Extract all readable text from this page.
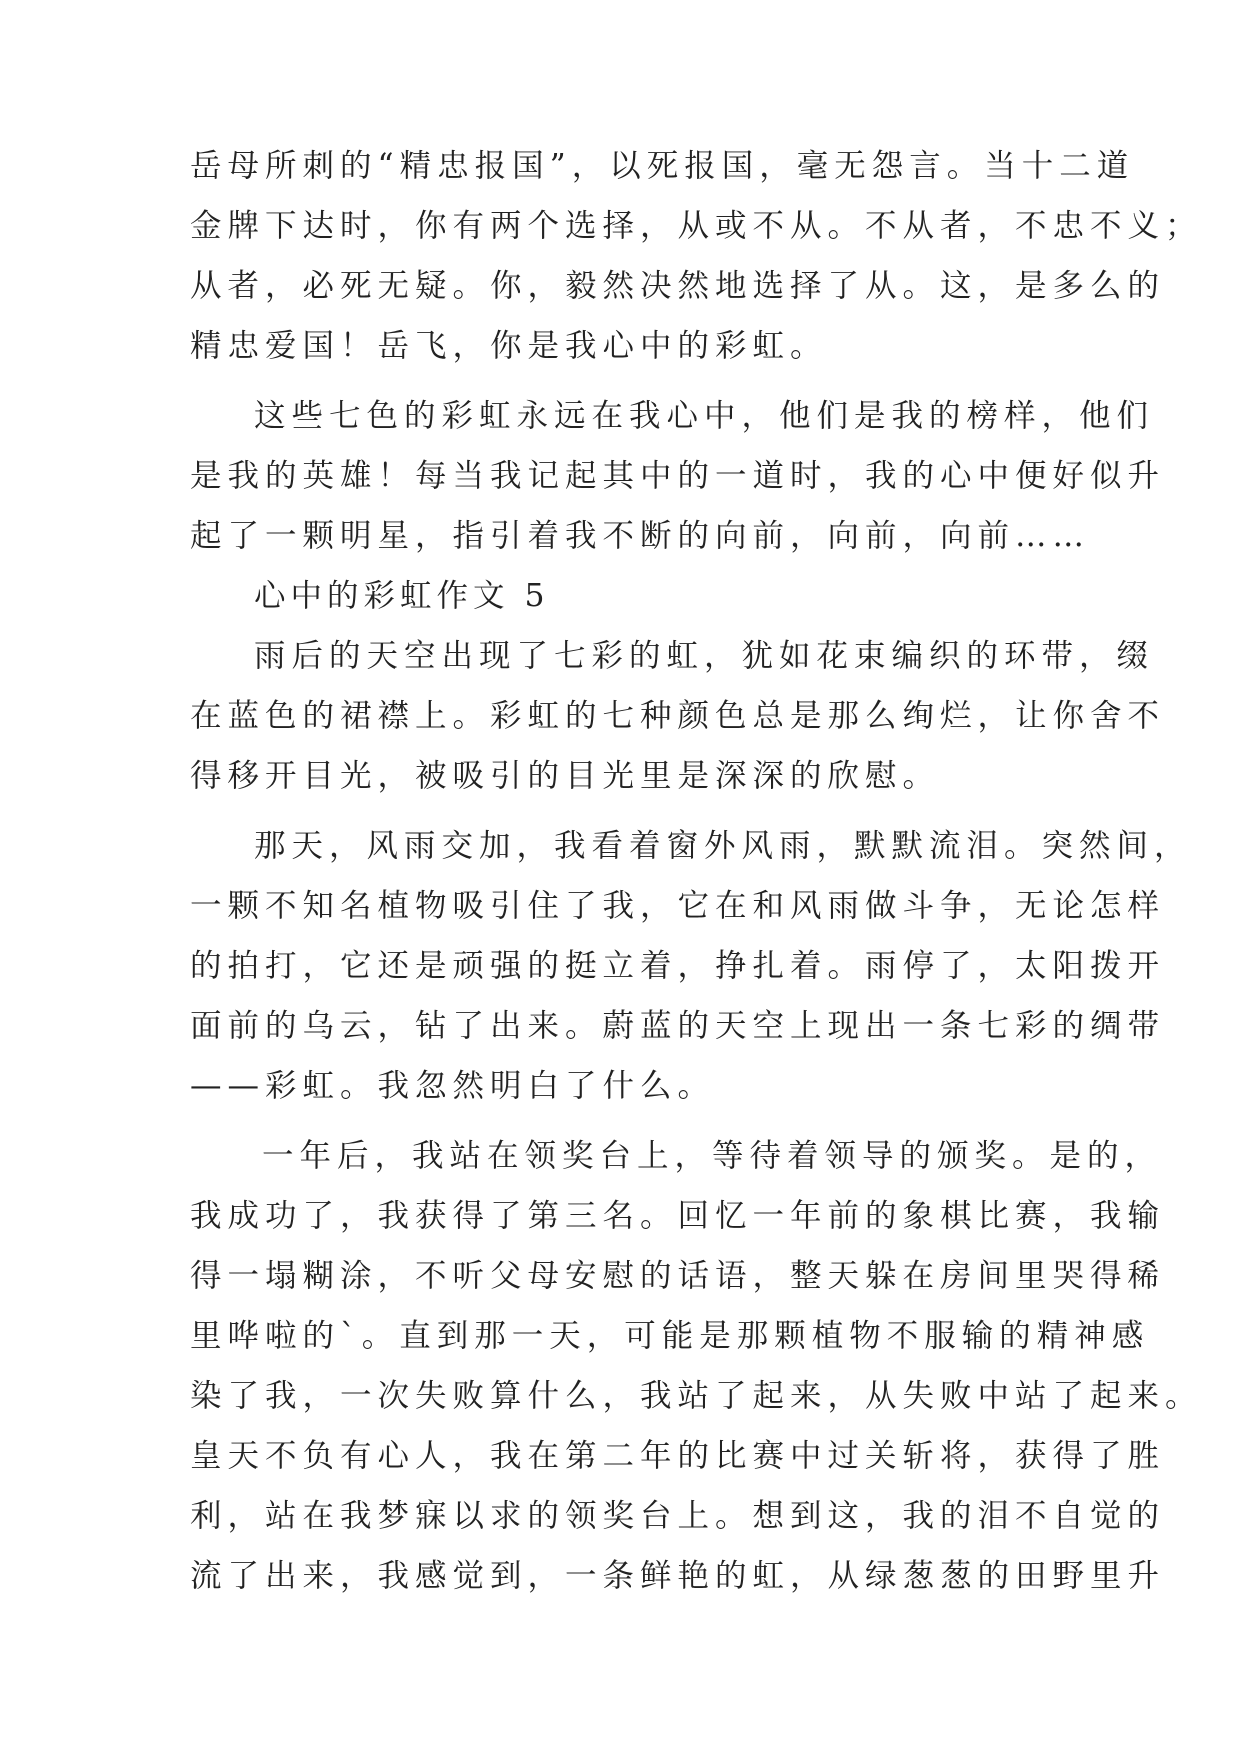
岳母所刺的“精忠报国”，以死报国，毫无怨言。当十二道
金牌下达时，你有两个选择，从或不从。不从者，不忠不义；
从者，必死无疑。你，毅然决然地选择了从。这，是多么的
精忠爱国！岳飞，你是我心中的彩虹。
这些七色的彩虹永远在我心中，他们是我的榜样，他们
是我的英雄！每当我记起其中的一道时，我的心中便好似升
起了一颗明星，指引着我不断的向前，向前，向前……
心中的彩虹作文 5
雨后的天空出现了七彩的虹，犹如花束编织的环带，缀
在蓝色的裙襟上。彩虹的七种颜色总是那么绚烂，让你舍不
得移开目光，被吸引的目光里是深深的欣慰。
那天，风雨交加，我看着窗外风雨，默默流泪。突然间，
一颗不知名植物吸引住了我，它在和风雨做斗争，无论怎样
的拍打，它还是顽强的挺立着，挣扎着。雨停了，太阳拨开
面前的乌云，钻了出来。蔚蓝的天空上现出一条七彩的绸带
——彩虹。我忽然明白了什么。
一年后，我站在领奖台上，等待着领导的颁奖。是的，
我成功了，我获得了第三名。回忆一年前的象棋比赛，我输
得一塌糊涂，不听父母安慰的话语，整天躲在房间里哭得稀
里哗啦的`。直到那一天，可能是那颗植物不服输的精神感
染了我，一次失败算什么，我站了起来，从失败中站了起来。
皇天不负有心人，我在第二年的比赛中过关斩将，获得了胜
利，站在我梦寐以求的领奖台上。想到这，我的泪不自觉的
流了出来，我感觉到，一条鲜艳的虹，从绿葱葱的田野里升
